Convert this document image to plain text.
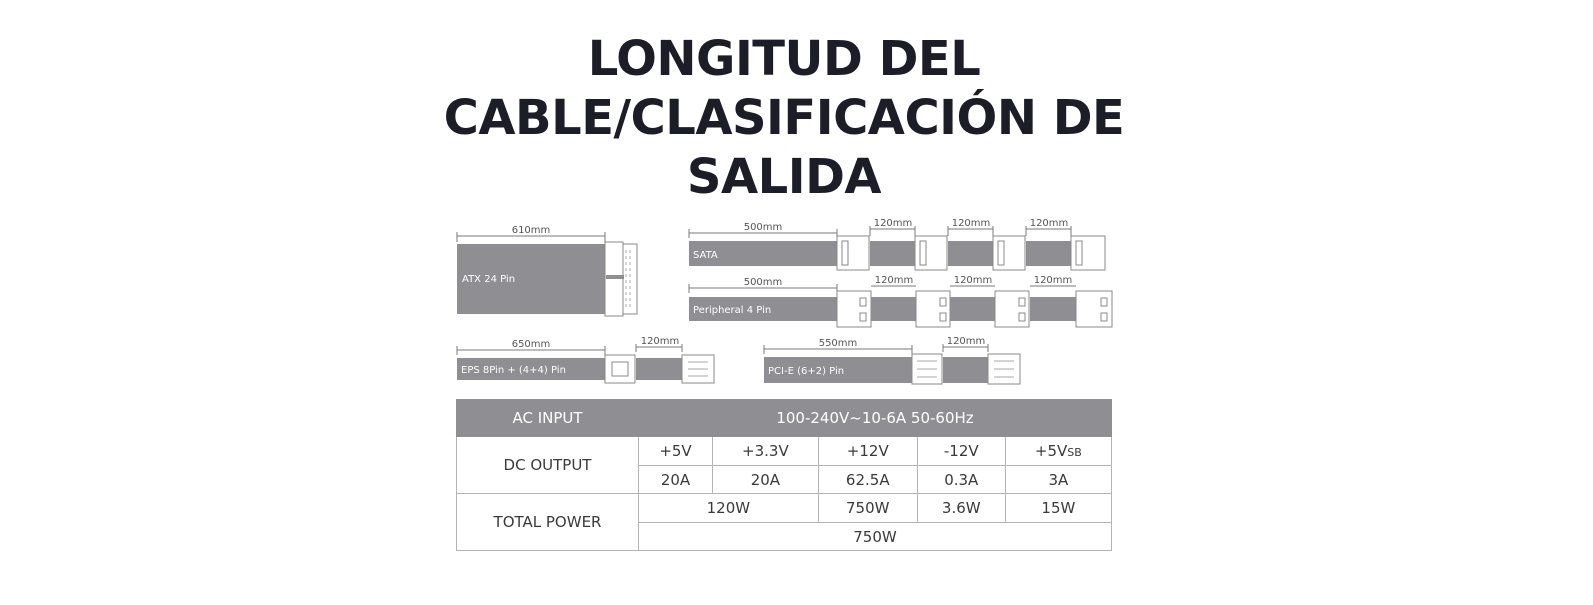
LONGITUD DEL
CABLE/CLASIFICACIÓN DE
SALIDA
610mm
ATX 24 Pin
500mm
SATA
120mm	120mm	120mm
500mm
Peripheral 4 Pin
120mm	120mm	120mm
650mm
EPS 8Pin + (4+4) Pin
120mm	550mm
PCI-E (6+2) Pin
120mm
AC INPUT	100-240V~10-6A 50-60Hz				
DC OUTPUT	+5V	+3.3V	+12V	-12V	+5VSB
	20A	20A	62.5A	0.3A	3A
TOTAL POWER	120W		750W	3.6W	15W
	750W				
